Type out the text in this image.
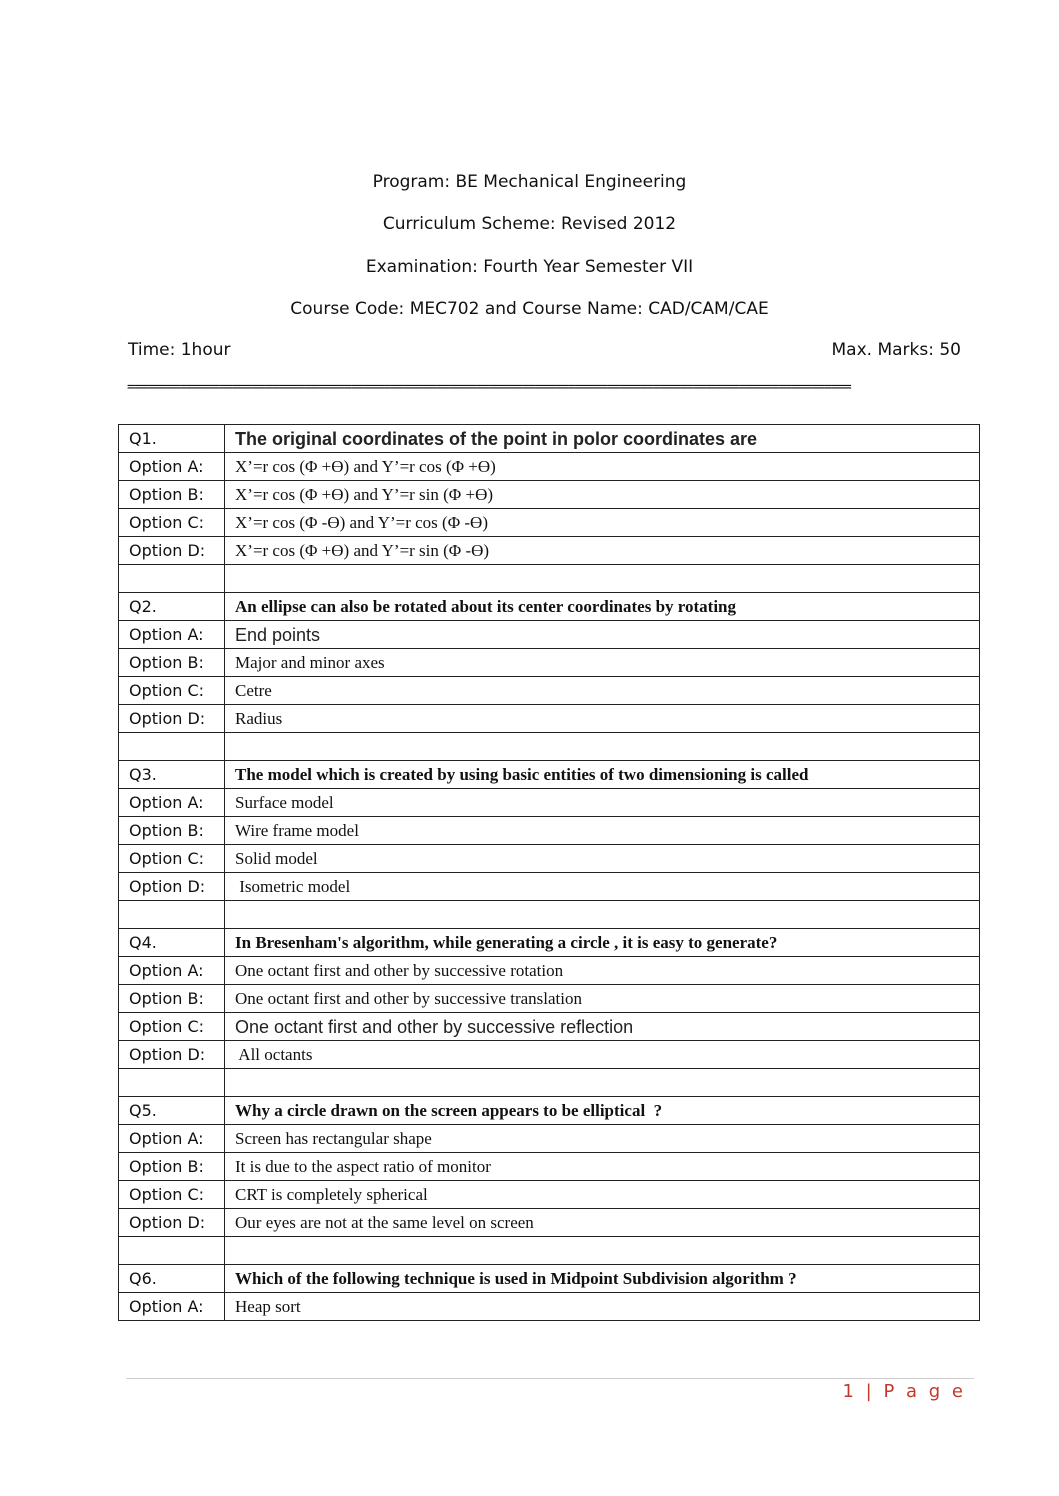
Program: BE Mechanical Engineering
Curriculum Scheme: Revised 2012
Examination: Fourth Year Semester VII
Course Code: MEC702 and Course Name: CAD/CAM/CAE
Time: 1hour	Max. Marks: 50
==============================================================================================================
Q1.	The original coordinates of the point in polor coordinates are
Option A:	X’=r cos (Φ +ϴ) and Y’=r cos (Φ +ϴ)
Option B:	X’=r cos (Φ +ϴ) and Y’=r sin (Φ +ϴ)
Option C:	X’=r cos (Φ -ϴ) and Y’=r cos (Φ -ϴ)
Option D:	X’=r cos (Φ +ϴ) and Y’=r sin (Φ -ϴ)

Q2.	An ellipse can also be rotated about its center coordinates by rotating
Option A:	End points
Option B:	Major and minor axes
Option C:	Cetre
Option D:	Radius

Q3.	The model which is created by using basic entities of two dimensioning is called
Option A:	Surface model
Option B:	Wire frame model
Option C:	Solid model
Option D:	Isometric model

Q4.	In Bresenham's algorithm, while generating a circle , it is easy to generate?
Option A:	One octant first and other by successive rotation
Option B:	One octant first and other by successive translation
Option C:	One octant first and other by successive reflection
Option D:	All octants

Q5.	Why a circle drawn on the screen appears to be elliptical  ?
Option A:	Screen has rectangular shape
Option B:	It is due to the aspect ratio of monitor
Option C:	CRT is completely spherical
Option D:	Our eyes are not at the same level on screen

Q6.	Which of the following technique is used in Midpoint Subdivision algorithm ?
Option A:	Heap sort
1 | P a g e
